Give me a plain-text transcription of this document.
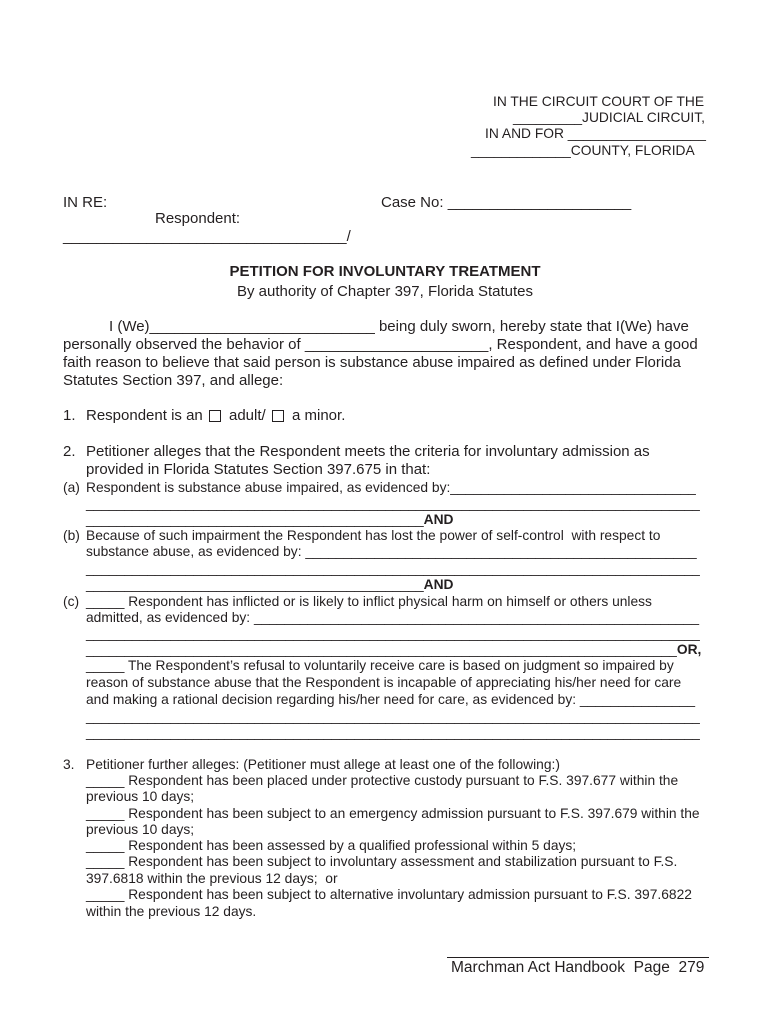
IN THE CIRCUIT COURT OF THE
_________JUDICIAL CIRCUIT,
IN AND FOR __________________
_____________COUNTY, FLORIDA
IN RE:	Case No: ______________________
Respondent:
__________________________________/
PETITION FOR INVOLUNTARY TREATMENT
By authority of Chapter 397, Florida Statutes
I (We)___________________________ being duly sworn, hereby state that I(We) have
personally observed the behavior of ______________________, Respondent, and have a good
faith reason to believe that said person is substance abuse impaired as defined under Florida
Statutes Section 397, and allege:
1. Respondent is an adult/ a minor.
2. Petitioner alleges that the Respondent meets the criteria for involuntary admission as
provided in Florida Statutes Section 397.675 in that:
(a) Respondent is substance abuse impaired, as evidenced by:________________________________
________________________________________________________________________________
____________________________________________AND
(b) Because of such impairment the Respondent has lost the power of self-control  with respect to
substance abuse, as evidenced by: ___________________________________________________
________________________________________________________________________________
____________________________________________AND
(c) _____ Respondent has inflicted or is likely to inflict physical harm on himself or others unless
admitted, as evidenced by: __________________________________________________________
________________________________________________________________________________
_____________________________________________________________________________OR,
_____ The Respondent’s refusal to voluntarily receive care is based on judgment so impaired by
reason of substance abuse that the Respondent is incapable of appreciating his/her need for care
and making a rational decision regarding his/her need for care, as evidenced by: _______________
________________________________________________________________________________
________________________________________________________________________________
3. Petitioner further alleges: (Petitioner must allege at least one of the following:)
_____ Respondent has been placed under protective custody pursuant to F.S. 397.677 within the
previous 10 days;
_____ Respondent has been subject to an emergency admission pursuant to F.S. 397.679 within the
previous 10 days;
_____ Respondent has been assessed by a qualified professional within 5 days;
_____ Respondent has been subject to involuntary assessment and stabilization pursuant to F.S.
397.6818 within the previous 12 days;  or
_____ Respondent has been subject to alternative involuntary admission pursuant to F.S. 397.6822
within the previous 12 days.
Marchman Act Handbook  Page  279
